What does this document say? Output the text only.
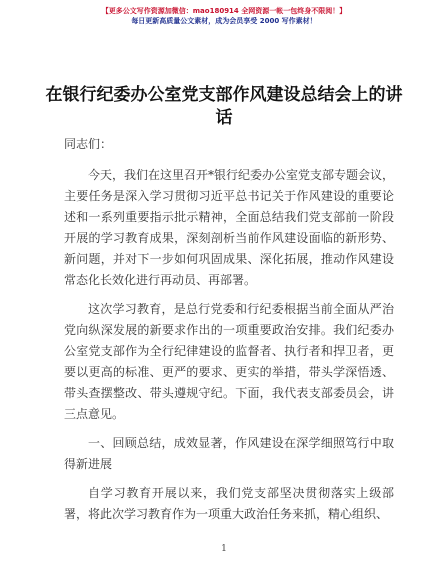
【更多公文写作资源加微信：mao180914 全网资源一帐一包终身不限阅！】
每日更新高质量公文素材，成为会员享受 2000 写作素材！
在银行纪委办公室党支部作风建设总结会上的讲话

同志们：

今天，我们在这里召开*银行纪委办公室党支部专题会议，主要任务是深入学习贯彻习近平总书记关于作风建设的重要论述和一系列重要指示批示精神，全面总结我们党支部前一阶段开展的学习教育成果，深刻剖析当前作风建设面临的新形势、新问题，并对下一步如何巩固成果、深化拓展，推动作风建设常态化长效化进行再动员、再部署。

这次学习教育，是总行党委和行纪委根据当前全面从严治党向纵深发展的新要求作出的一项重要政治安排。我们纪委办公室党支部作为全行纪律建设的监督者、执行者和捍卫者，更要以更高的标准、更严的要求、更实的举措，带头学深悟透、带头查摆整改、带头遵规守纪。下面，我代表支部委员会，讲三点意见。

一、回顾总结，成效显著，作风建设在深学细照笃行中取得新进展

自学习教育开展以来，我们党支部坚决贯彻落实上级部署，将此次学习教育作为一项重大政治任务来抓，精心组织、

1
